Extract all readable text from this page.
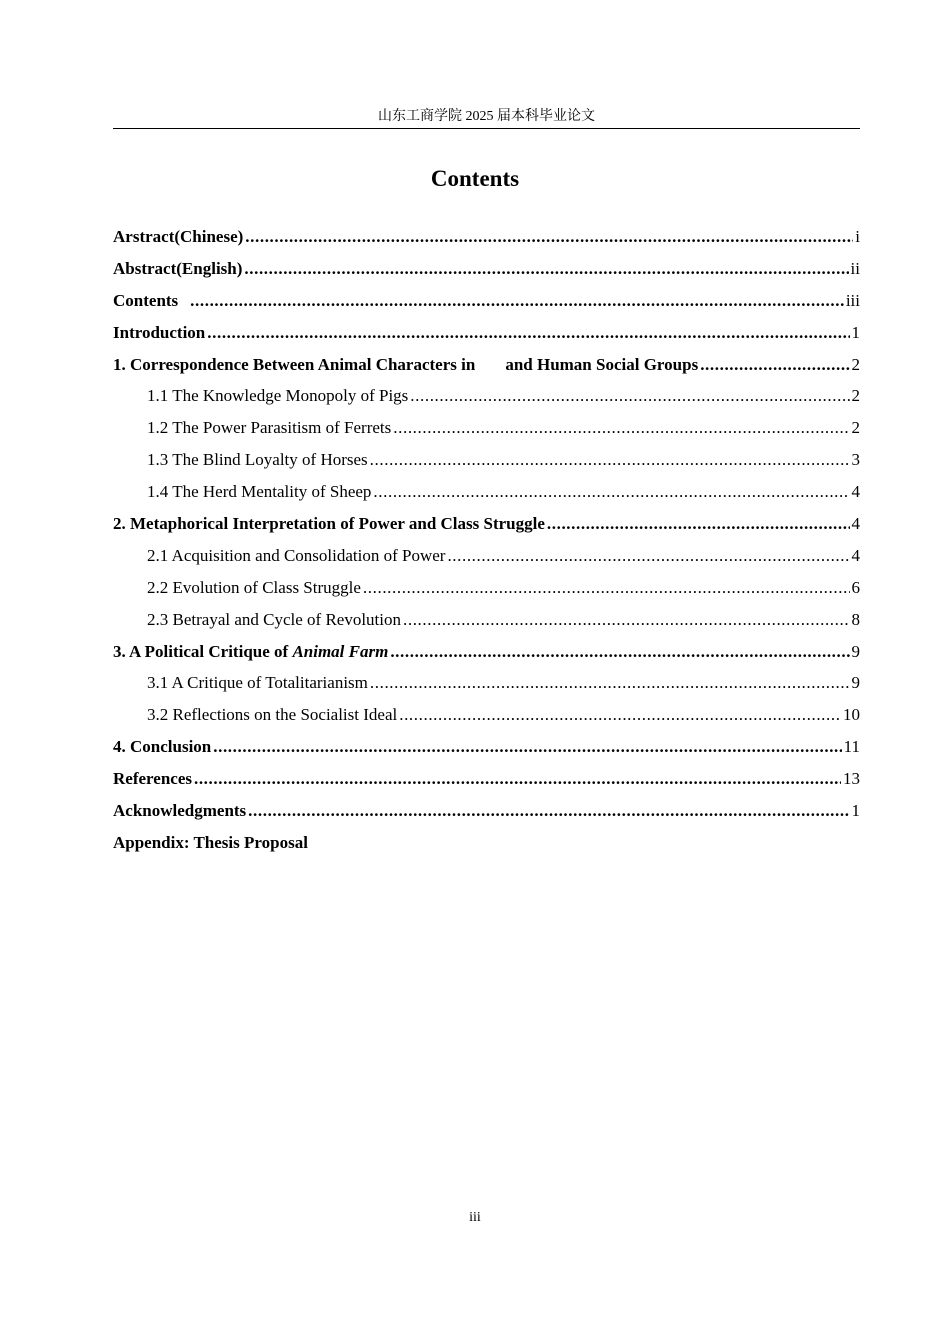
山东工商学院 2025 届本科毕业论文
Contents
Arstract(Chinese) .....	i
Abstract(English) .....	ii
Contents .....	iii
Introduction .....	1
1. Correspondence Between Animal Characters in and Human Social Groups .....	2
1.1 The Knowledge Monopoly of Pigs .....	2
1.2 The Power Parasitism of Ferrets .....	2
1.3 The Blind Loyalty of Horses .....	3
1.4 The Herd Mentality of Sheep .....	4
2. Metaphorical Interpretation of Power and Class Struggle .....	4
2.1 Acquisition and Consolidation of Power .....	4
2.2 Evolution of Class Struggle .....	6
2.3 Betrayal and Cycle of Revolution .....	8
3. A Political Critique of Animal Farm .....	9
3.1 A Critique of Totalitarianism .....	9
3.2 Reflections on the Socialist Ideal .....	10
4. Conclusion .....	11
References .....	13
Acknowledgments .....	1
Appendix: Thesis Proposal
iii
